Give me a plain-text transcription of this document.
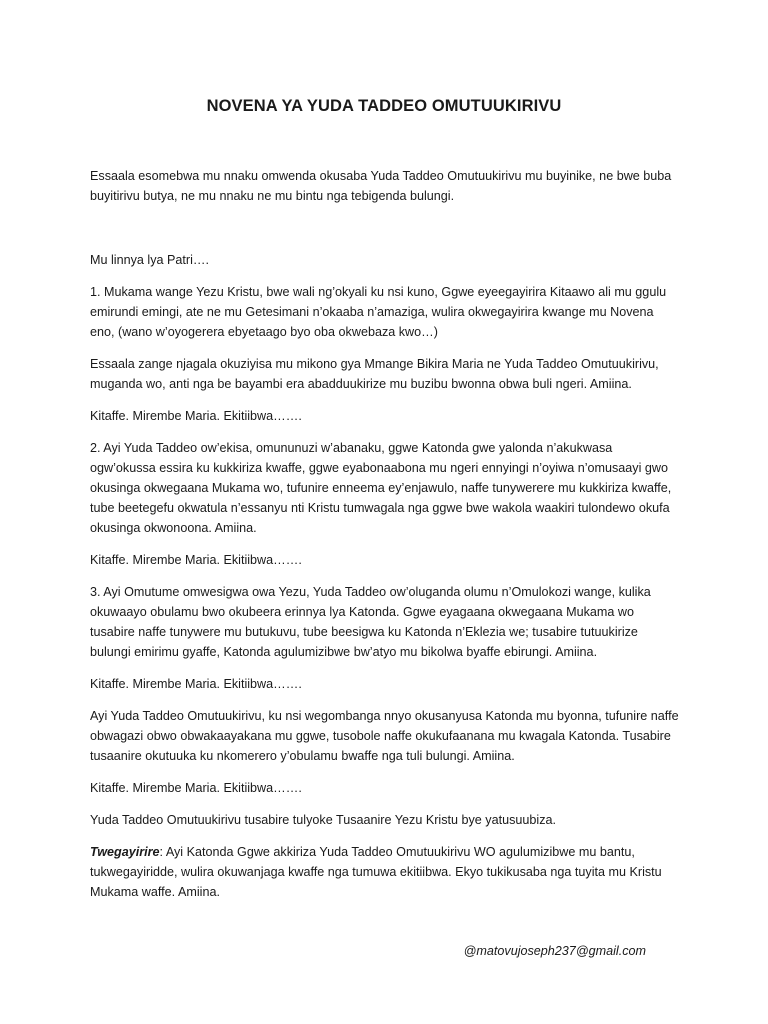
NOVENA YA YUDA TADDEO OMUTUUKIRIVU

Essaala esomebwa mu nnaku omwenda okusaba Yuda Taddeo Omutuukirivu mu buyinike, ne bwe buba buyitirivu butya, ne mu nnaku ne mu bintu nga tebigenda bulungi.

Mu linnya lya Patri….

1. Mukama wange Yezu Kristu, bwe wali ng’okyali ku nsi kuno, Ggwe eyeegayirira Kitaawo ali mu ggulu emirundi emingi, ate ne mu Getesimani n’okaaba n’amaziga, wulira okwegayirira kwange mu Novena eno, (wano w’oyogerera ebyetaago byo oba okwebaza kwo…)

Essaala zange njagala okuziyisa mu mikono gya Mmange Bikira Maria ne Yuda Taddeo Omutuukirivu, muganda wo, anti nga be bayambi era abadduukirize mu buzibu bwonna obwa buli ngeri. Amiina.

Kitaffe. Mirembe Maria. Ekitiibwa…….

2. Ayi Yuda Taddeo ow’ekisa, omununuzi w’abanaku, ggwe Katonda gwe yalonda n’akukwasa ogw’okussa essira ku kukkiriza kwaffe, ggwe eyabonaabona mu ngeri ennyingi n’oyiwa n’omusaayi gwo okusinga okwegaana Mukama wo, tufunire enneema ey’enjawulo, naffe tunywerere mu kukkiriza kwaffe, tube beetegefu okwatula n’essanyu nti Kristu tumwagala nga ggwe bwe wakola waakiri tulondewo okufa okusinga okwonoona. Amiina.

Kitaffe. Mirembe Maria. Ekitiibwa…….

3. Ayi Omutume omwesigwa owa Yezu, Yuda Taddeo ow’oluganda olumu n’Omulokozi wange, kulika okuwaayo obulamu bwo okubeera erinnya lya Katonda. Ggwe eyagaana okwegaana Mukama wo tusabire naffe tunywere mu butukuvu, tube beesigwa ku Katonda n’Eklezia we; tusabire tutuukirize bulungi emirimu gyaffe, Katonda agulumizibwe bw’atyo mu bikolwa byaffe ebirungi. Amiina.

Kitaffe. Mirembe Maria. Ekitiibwa…….

Ayi Yuda Taddeo Omutuukirivu, ku nsi wegombanga nnyo okusanyusa Katonda mu byonna, tufunire naffe obwagazi obwo obwakaayakana mu ggwe, tusobole naffe okukufaanana mu kwagala Katonda. Tusabire tusaanire okutuuka ku nkomerero y’obulamu bwaffe nga tuli bulungi. Amiina.

Kitaffe. Mirembe Maria. Ekitiibwa…….

Yuda Taddeo Omutuukirivu tusabire tulyoke Tusaanire Yezu Kristu bye yatusuubiza.

Twegayirire: Ayi Katonda Ggwe akkiriza Yuda Taddeo Omutuukirivu WO agulumizibwe mu bantu, tukwegayiridde, wulira okuwanjaga kwaffe nga tumuwa ekitiibwa. Ekyo tukikusaba nga tuyita mu Kristu Mukama waffe. Amiina.

@matovujoseph237@gmail.com
